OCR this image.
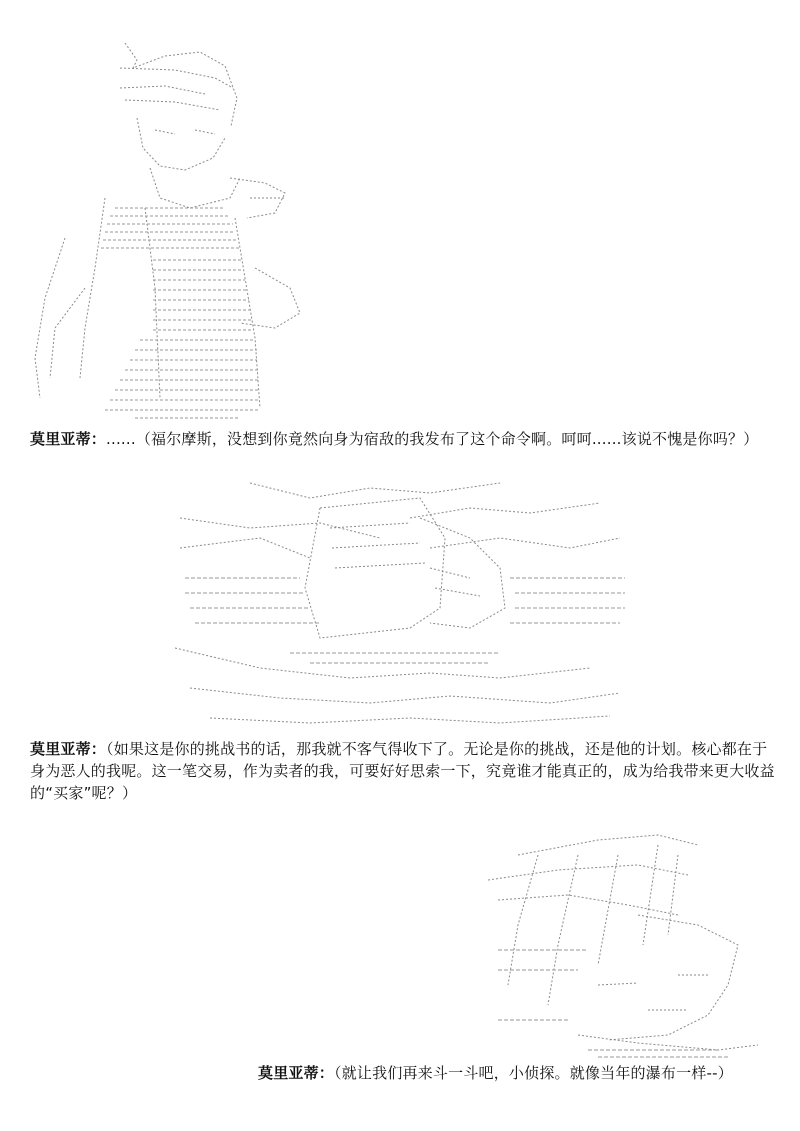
莫里亚蒂：......（福尔摩斯，没想到你竟然向身为宿敌的我发布了这个命令啊。呵呵......该说不愧是你吗？）
莫里亚蒂：（如果这是你的挑战书的话，那我就不客气得收下了。无论是你的挑战，还是他的计划。核心都在于身为恶人的我呢。这一笔交易，作为卖者的我，可要好好思索一下，究竟谁才能真正的，成为给我带来更大收益的“买家”呢？）
莫里亚蒂：（就让我们再来斗一斗吧，小侦探。就像当年的瀑布一样--）
